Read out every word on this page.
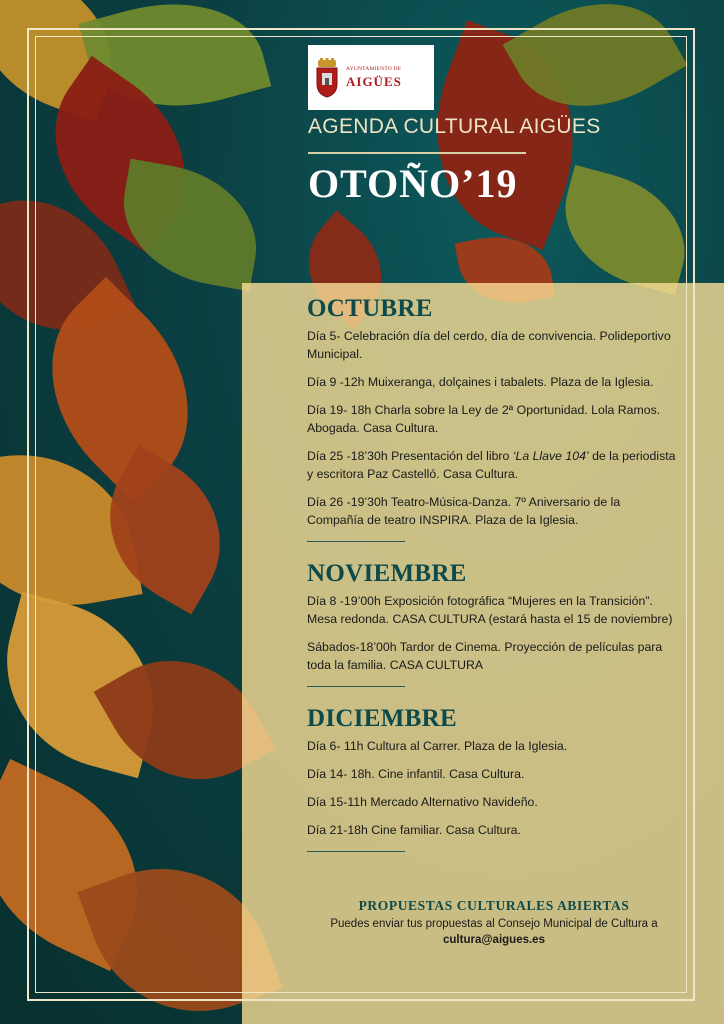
AYUNTAMIENTO DE
AIGÜES
AGENDA CULTURAL AIGÜES
OTOÑO’19
OCTUBRE

Día 5- Celebración día del cerdo, día de convivencia. Polideportivo Municipal.

Día 9 -12h Muixeranga, dolçaines i tabalets. Plaza de la Iglesia.

Día 19- 18h Charla sobre la Ley de 2ª Oportunidad. Lola Ramos. Abogada. Casa Cultura.

Día 25 -18’30h Presentación del libro ‘La Llave 104’ de la periodista y escritora Paz Castelló. Casa Cultura.

Día 26 -19’30h Teatro-Música-Danza. 7º Aniversario de la Compañía de teatro INSPIRA. Plaza de la Iglesia.

NOVIEMBRE

Día 8 -19’00h Exposición fotográfica “Mujeres en la Transición”. Mesa redonda. CASA CULTURA (estará hasta el 15 de noviembre)

Sábados-18’00h Tardor de Cinema. Proyección de películas para toda la familia. CASA CULTURA

DICIEMBRE

Día 6- 11h Cultura al Carrer. Plaza de la Iglesia.

Día 14- 18h. Cine infantil. Casa Cultura.

Día 15-11h Mercado Alternativo Navideño.

Día 21-18h Cine familiar. Casa Cultura.

PROPUESTAS CULTURALES ABIERTAS
Puedes enviar tus propuestas al Consejo Municipal de Cultura a
cultura@aigues.es
